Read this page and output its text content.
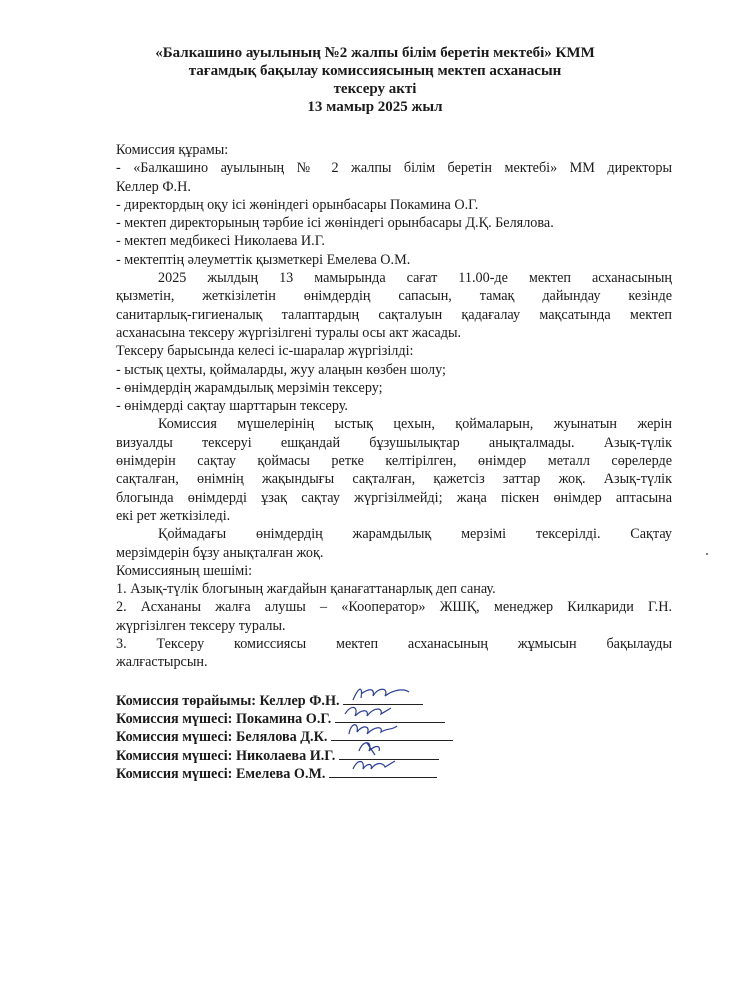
«Балкашино ауылының №2 жалпы білім беретін мектебі» КММ
тағамдық бақылау комиссиясының мектеп асханасын
тексеру акті
13 мамыр 2025 жыл
Комиссия құрамы:
- «Балкашино ауылының № 2 жалпы білім беретін мектебі» ММ директоры
Келлер Ф.Н.
- директордың оқу ісі жөніндегі орынбасары Покамина О.Г.
- мектеп директорының тәрбие ісі жөніндегі орынбасары Д.Қ. Белялова.
- мектеп медбикесі Николаева И.Г.
- мектептің әлеуметтік қызметкері Емелева О.М.
2025 жылдың 13 мамырында сағат 11.00-де мектеп асханасының
қызметін, жеткізілетін өнімдердің сапасын, тамақ дайындау кезінде
санитарлық-гигиеналық талаптардың сақталуын қадағалау мақсатында мектеп
асханасына тексеру жүргізілгені туралы осы акт жасады.
Тексеру барысында келесі іс-шаралар жүргізілді:
- ыстық цехты, қоймаларды, жуу алаңын көзбен шолу;
- өнімдердің жарамдылық мерзімін тексеру;
- өнімдерді сақтау шарттарын тексеру.
Комиссия мүшелерінің ыстық цехын, қоймаларын, жуынатын жерін
визуалды тексеруі ешқандай бұзушылықтар анықталмады. Азық-түлік
өнімдерін сақтау қоймасы ретке келтірілген, өнімдер металл сөрелерде
сақталған, өнімнің жақындығы сақталған, қажетсіз заттар жоқ. Азық-түлік
блогында өнімдерді ұзақ сақтау жүргізілмейді; жаңа піскен өнімдер аптасына
екі рет жеткізіледі.
Қоймадағы өнімдердің жарамдылық мерзімі тексерілді. Сақтау
мерзімдерін бұзу анықталған жоқ.
Комиссияның шешімі:
1. Азық-түлік блогының жағдайын қанағаттанарлық деп санау.
2. Асхананы жалға алушы – «Кооператор» ЖШҚ, менеджер Килкариди Г.Н.
жүргізілген тексеру туралы.
3. Тексеру комиссиясы мектеп асханасының жұмысын бақылауды
жалғастырсын.
Комиссия төрайымы: Келлер Ф.Н.
Комиссия мүшесі: Покамина О.Г.
Комиссия мүшесі: Белялова Д.К.
Комиссия мүшесі: Николаева И.Г.
Комиссия мүшесі: Емелева О.М.
